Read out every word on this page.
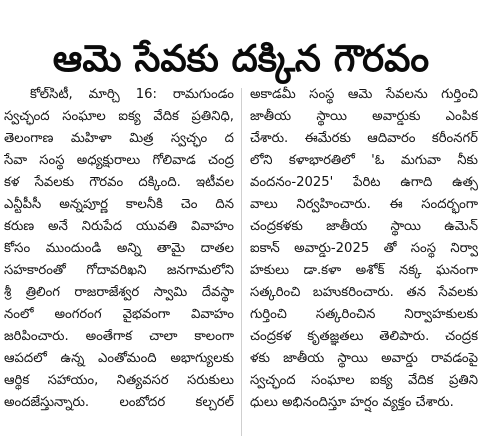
ఆమె సేవకు దక్కిన గౌరవం
కోల్‌సిటీ, మార్చి 16: రామగుండం
స్వచ్ఛంద సంఘాల ఐక్య వేదిక ప్రతినిధి,
తెలంగాణ మహిళా మిత్ర స్వచ్ఛం ద
సేవా సంస్థ అధ్యక్షురాలు గోలివాడ చంద్ర
కళ సేవలకు గౌరవం దక్కింది. ఇటీవల
ఎన్టీపీసీ అన్నపూర్ణ కాలనీకి చెం దిన
కరుణ అనే నిరుపేద యువతి వివాహం
కోసం ముందుండి అన్ని తామై దాతల
సహకారంతో గోదావరిఖని జనగామలోని
శ్రీ త్రిలింగ రాజరాజేశ్వర స్వామి దేవస్థా
నంలో అంగరంగ వైభవంగా వివాహం
జరిపించారు. అంతేగాక చాలా కాలంగా
ఆపదలో ఉన్న ఎంతోమంది అభాగ్యులకు
ఆర్థిక సహాయం, నిత్యవసర సరుకులు
అందజేస్తున్నారు. లంబోదర కల్చరల్
అకాడమీ సంస్థ ఆమె సేవలను గుర్తించి
జాతీయ స్థాయి అవార్డుకు ఎంపిక
చేశారు. ఈమేరకు ఆదివారం కరీంనగర్
లోని కళాభారతిలో 'ఓ మగువా నీకు
వందనం-2025' పేరిట ఉగాది ఉత్స
వాలు నిర్వహించారు. ఈ సందర్భంగా
చంద్రకళకు జాతీయ స్థాయి ఉమెన్
ఐకాన్ అవార్డు-2025 తో సంస్థ నిర్వా
హకులు డా.కళా అశోక్ నక్క ఘనంగా
సత్కరించి బహుకరించారు. తన సేవలకు
గుర్తించి సత్కరించిన నిర్వాహకులకు
చంద్రకళ కృతజ్ఞతలు తెలిపారు. చంద్రక
ళకు జాతీయ స్థాయి అవార్డు రావడంపై
స్వచ్ఛంద సంఘాల ఐక్య వేదిక ప్రతిని
ధులు అభినందిస్తూ హర్షం వ్యక్తం చేశారు.
